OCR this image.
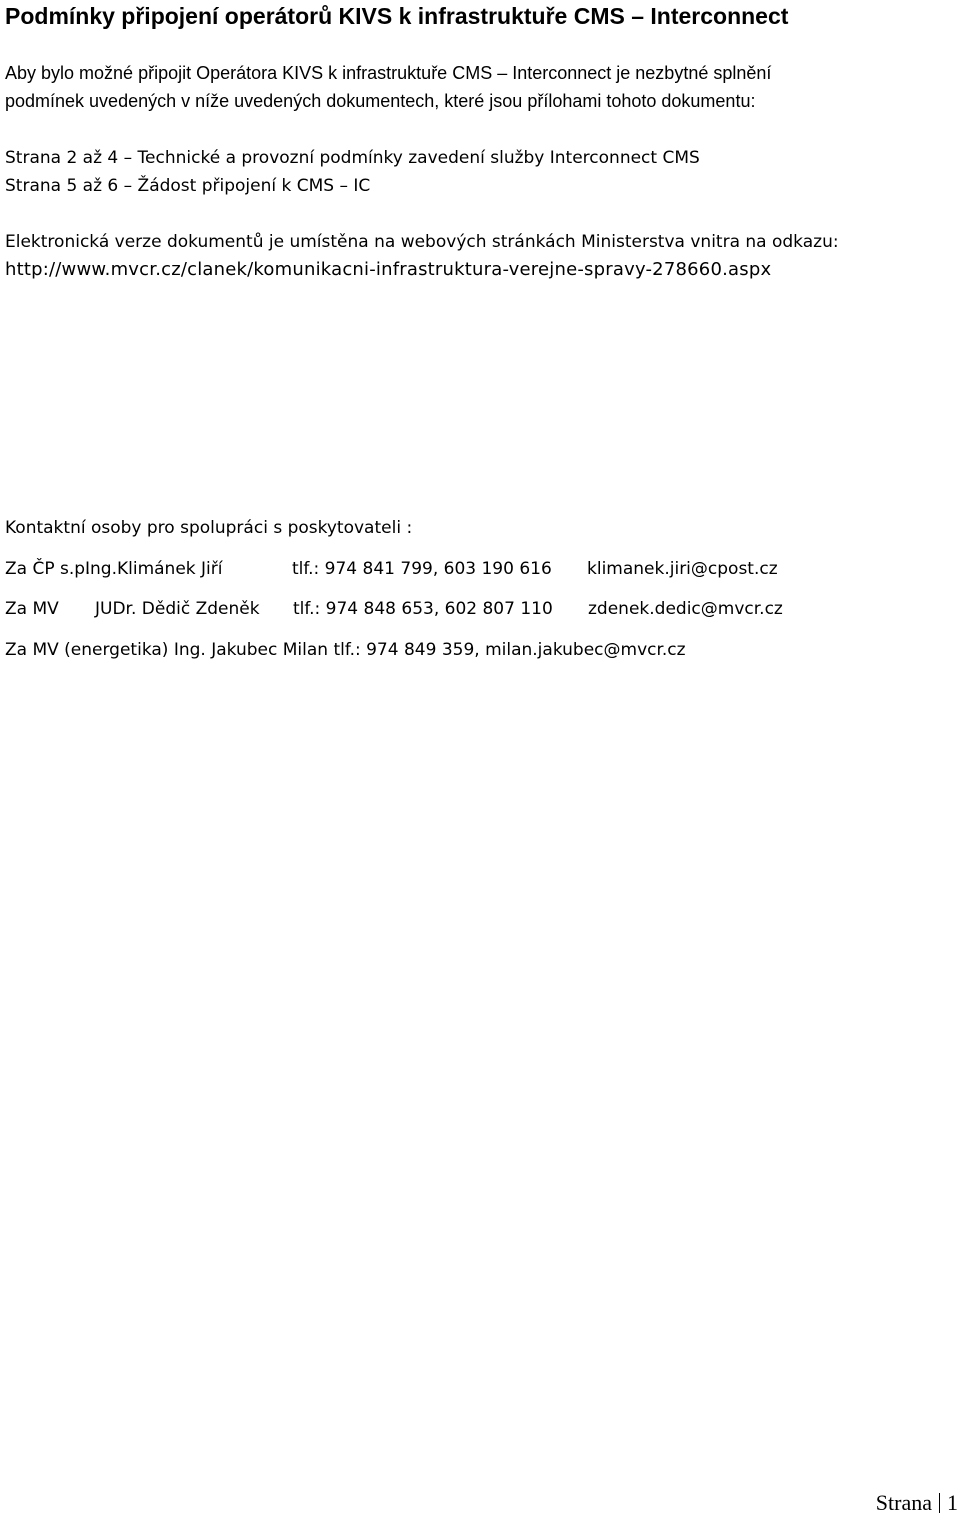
Podmínky připojení operátorů KIVS k infrastruktuře CMS – Interconnect
Aby bylo možné připojit Operátora KIVS k infrastruktuře CMS – Interconnect je nezbytné splnění
podmínek uvedených v níže uvedených dokumentech, které jsou přílohami tohoto dokumentu:
Strana 2 až 4 – Technické a provozní podmínky zavedení služby Interconnect CMS
Strana 5 až 6 – Žádost připojení k CMS – IC
Elektronická verze dokumentů je umístěna na webových stránkách Ministerstva vnitra na odkazu:
http://www.mvcr.cz/clanek/komunikacni-infrastruktura-verejne-spravy-278660.aspx
Kontaktní osoby pro spolupráci s poskytovateli :
Za ČP s.p.Ing.Klimánek Jiří	tlf.: 974 841 799, 603 190 616 klimanek.jiri@cpost.cz
Za MV JUDr. Dědič Zdeněk tlf.: 974 848 653, 602 807 110 zdenek.dedic@mvcr.cz
Za MV (energetika) Ing. Jakubec Milan tlf.: 974 849 359, milan.jakubec@mvcr.cz
Strana 1
